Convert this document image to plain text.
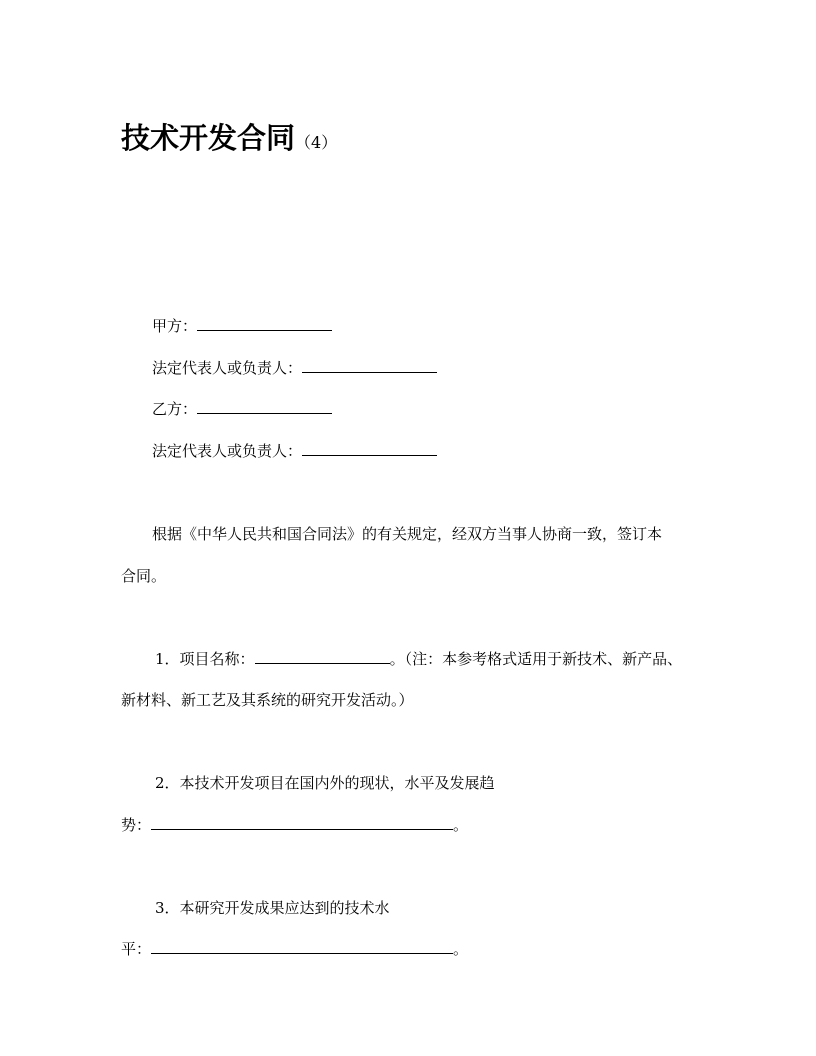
技术开发合同（4）
甲方：
法定代表人或负责人：
乙方：
法定代表人或负责人：
根据《中华人民共和国合同法》的有关规定，经双方当事人协商一致，签订本
合同。
1．项目名称：	。（注：本参考格式适用于新技术、新产品、
新材料、新工艺及其系统的研究开发活动。）
2．本技术开发项目在国内外的现状，水平及发展趋
势：	。
3．本研究开发成果应达到的技术水
平：	。
